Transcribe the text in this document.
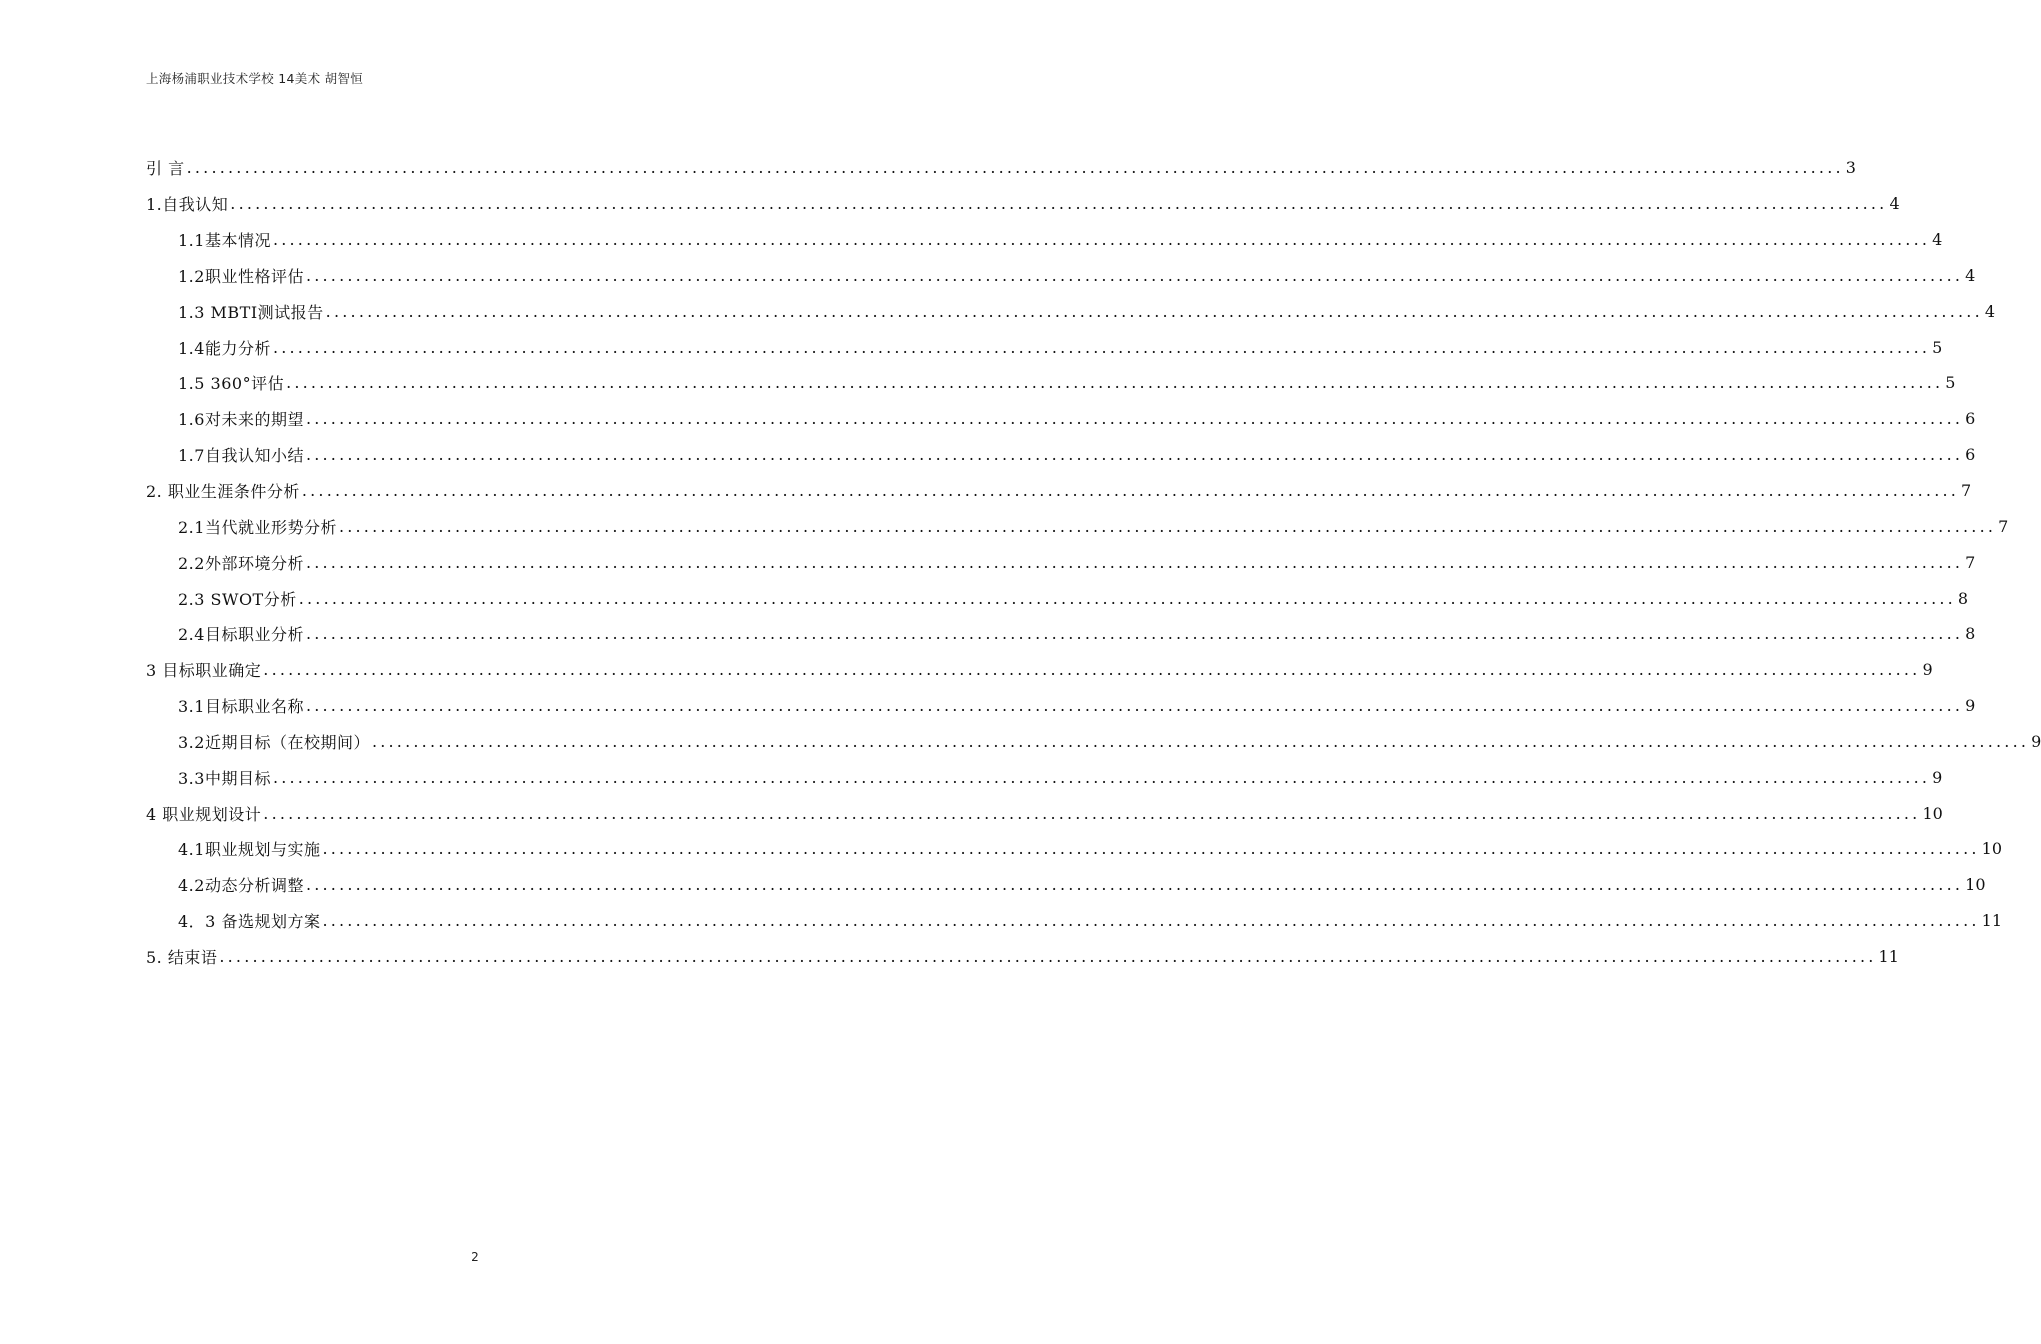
上海杨浦职业技术学校 14美术 胡智恒
引 言 ........................................................................................................................................................................................................ 3
1.自我认知 ........................................................................................................................................................................................................ 4
1.1基本情况 ........................................................................................................................................................................................................ 4
1.2职业性格评估 ........................................................................................................................................................................................................ 4
1.3 MBTI测试报告 ........................................................................................................................................................................................................ 4
1.4能力分析 ........................................................................................................................................................................................................ 5
1.5 360°评估 ........................................................................................................................................................................................................ 5
1.6对未来的期望 ........................................................................................................................................................................................................ 6
1.7自我认知小结 ........................................................................................................................................................................................................ 6
2. 职业生涯条件分析 ........................................................................................................................................................................................................ 7
2.1当代就业形势分析 ........................................................................................................................................................................................................ 7
2.2外部环境分析 ........................................................................................................................................................................................................ 7
2.3 SWOT分析 ........................................................................................................................................................................................................ 8
2.4目标职业分析 ........................................................................................................................................................................................................ 8
3 目标职业确定 ........................................................................................................................................................................................................ 9
3.1目标职业名称 ........................................................................................................................................................................................................ 9
3.2近期目标（在校期间） ........................................................................................................................................................................................................ 9
3.3中期目标 ........................................................................................................................................................................................................ 9
4 职业规划设计 ........................................................................................................................................................................................................ 10
4.1职业规划与实施 ........................................................................................................................................................................................................ 10
4.2动态分析调整 ........................................................................................................................................................................................................ 10
4．3 备选规划方案 ........................................................................................................................................................................................................ 11
5. 结束语 ........................................................................................................................................................................................................ 11
2
